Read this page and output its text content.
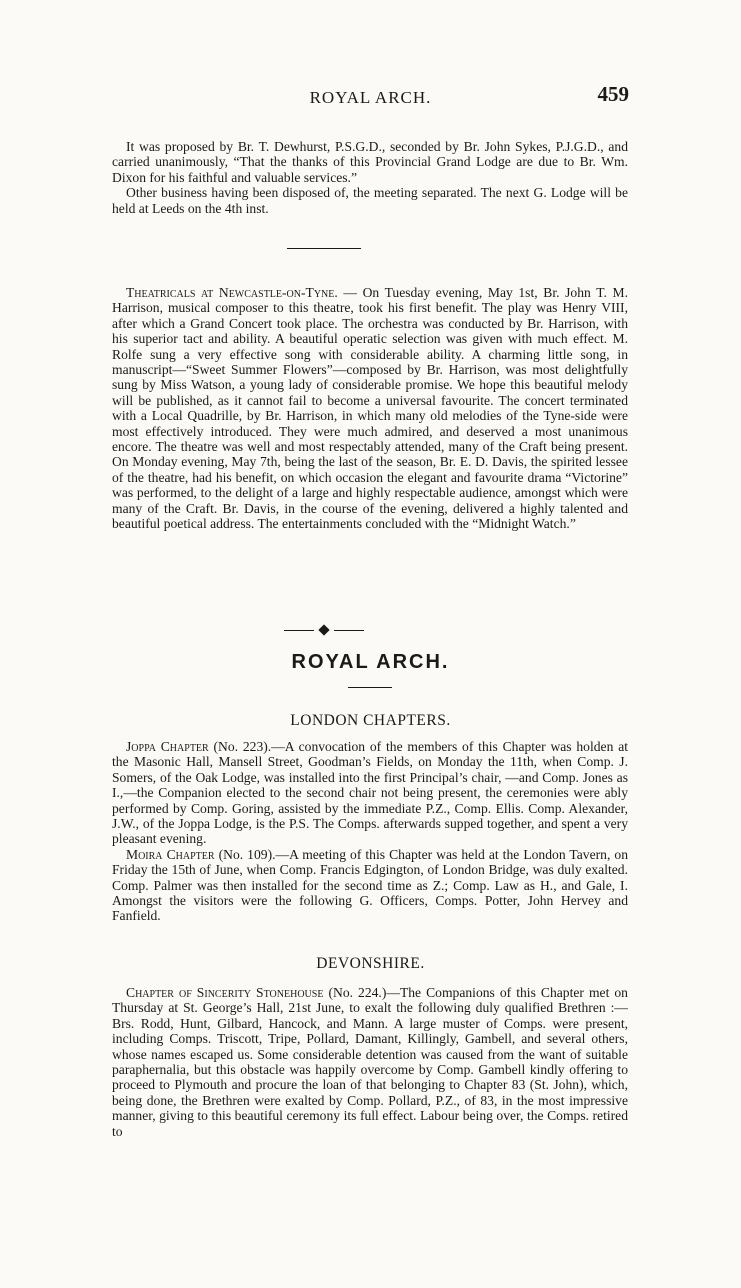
ROYAL ARCH.	459

It was proposed by Br. T. Dewhurst, P.S.G.D., seconded by Br. John Sykes, P.J.G.D., and carried unanimously, “That the thanks of this Provincial Grand Lodge are due to Br. Wm. Dixon for his faithful and valuable services.”

Other business having been disposed of, the meeting separated. The next G. Lodge will be held at Leeds on the 4th inst.

Theatricals at Newcastle-on-Tyne. — On Tuesday evening, May 1st, Br. John T. M. Harrison, musical composer to this theatre, took his first benefit. The play was Henry VIII, after which a Grand Concert took place. The orchestra was conducted by Br. Harrison, with his superior tact and ability. A beautiful operatic selection was given with much effect. M. Rolfe sung a very effective song with considerable ability. A charming little song, in manuscript—“Sweet Summer Flowers”—composed by Br. Harrison, was most delightfully sung by Miss Watson, a young lady of considerable promise. We hope this beautiful melody will be published, as it cannot fail to become a universal favourite. The concert terminated with a Local Quadrille, by Br. Harrison, in which many old melodies of the Tyne-side were most effectively introduced. They were much admired, and deserved a most unanimous encore. The theatre was well and most respectably attended, many of the Craft being present. On Monday evening, May 7th, being the last of the season, Br. E. D. Davis, the spirited lessee of the theatre, had his benefit, on which occasion the elegant and favourite drama “Victorine” was performed, to the delight of a large and highly respectable audience, amongst which were many of the Craft. Br. Davis, in the course of the evening, delivered a highly talented and beautiful poetical address. The entertainments concluded with the “Midnight Watch.”

ROYAL ARCH.
LONDON CHAPTERS.

Joppa Chapter (No. 223).—A convocation of the members of this Chapter was holden at the Masonic Hall, Mansell Street, Goodman’s Fields, on Monday the 11th, when Comp. J. Somers, of the Oak Lodge, was installed into the first Principal’s chair, —and Comp. Jones as I.,—the Companion elected to the second chair not being present, the ceremonies were ably performed by Comp. Goring, assisted by the immediate P.Z., Comp. Ellis. Comp. Alexander, J.W., of the Joppa Lodge, is the P.S. The Comps. afterwards supped together, and spent a very pleasant evening.

Moira Chapter (No. 109).—A meeting of this Chapter was held at the London Tavern, on Friday the 15th of June, when Comp. Francis Edgington, of London Bridge, was duly exalted. Comp. Palmer was then installed for the second time as Z.; Comp. Law as H., and Gale, I. Amongst the visitors were the following G. Officers, Comps. Potter, John Hervey and Fanfield.

DEVONSHIRE.

Chapter of Sincerity Stonehouse (No. 224.)—The Companions of this Chapter met on Thursday at St. George’s Hall, 21st June, to exalt the following duly qualified Brethren :—Brs. Rodd, Hunt, Gilbard, Hancock, and Mann. A large muster of Comps. were present, including Comps. Triscott, Tripe, Pollard, Damant, Killingly, Gambell, and several others, whose names escaped us. Some considerable detention was caused from the want of suitable paraphernalia, but this obstacle was happily overcome by Comp. Gambell kindly offering to proceed to Plymouth and procure the loan of that belonging to Chapter 83 (St. John), which, being done, the Brethren were exalted by Comp. Pollard, P.Z., of 83, in the most impressive manner, giving to this beautiful ceremony its full effect. Labour being over, the Comps. retired to
